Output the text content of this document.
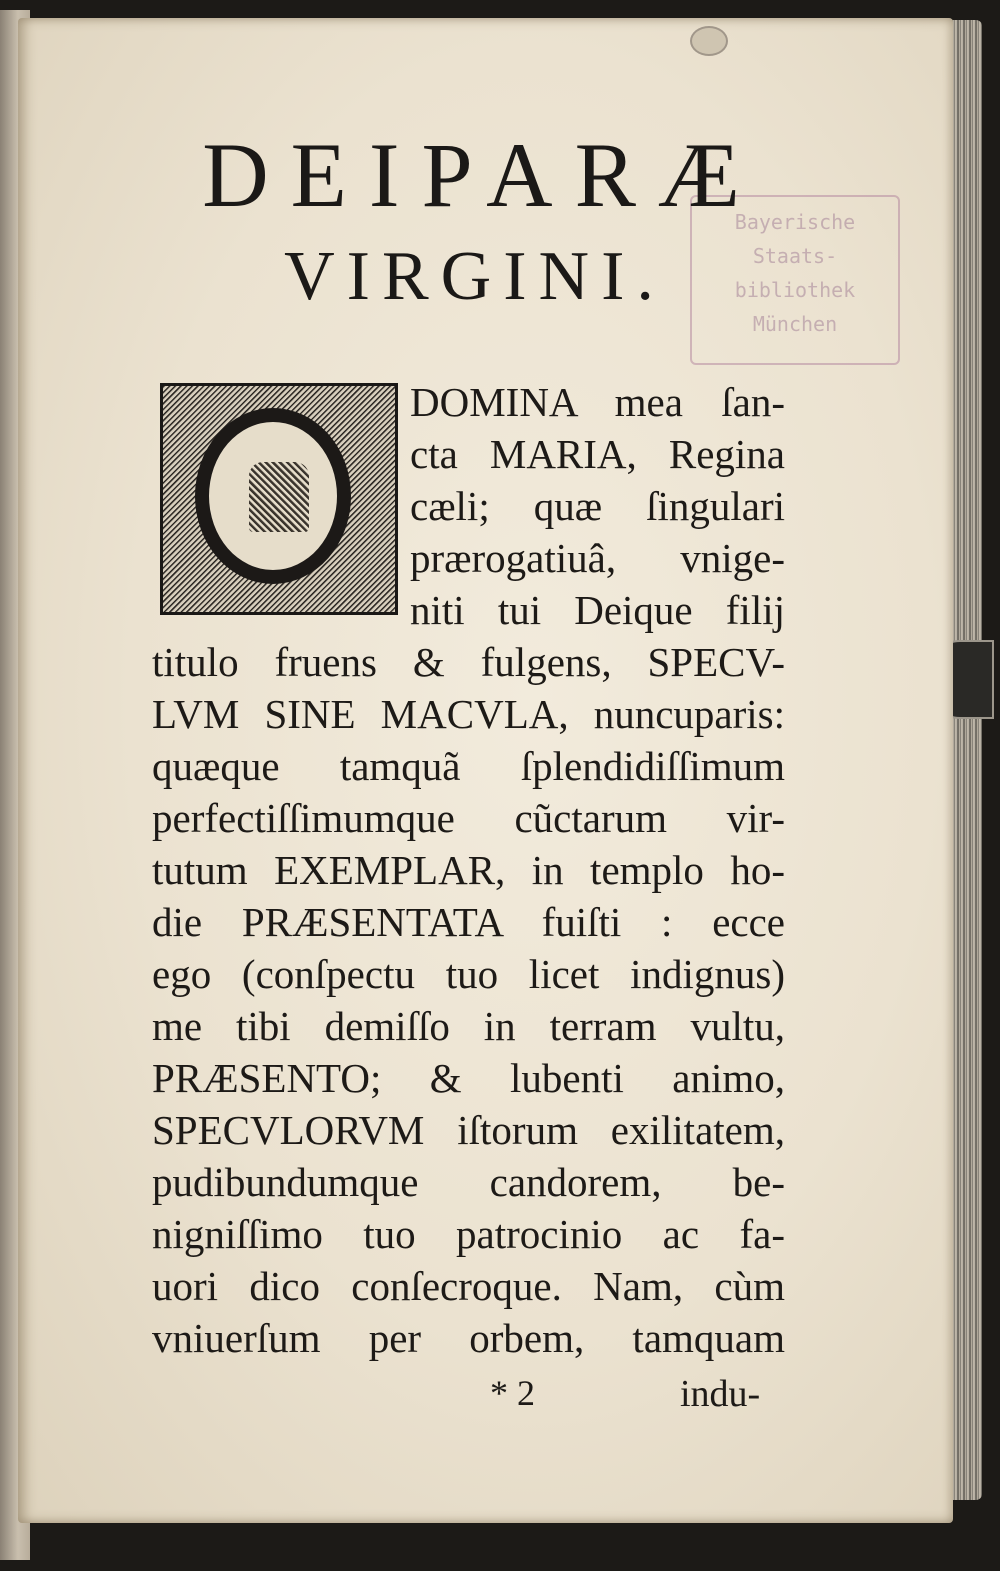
Bayerische
Staats-
bibliothek
München
DEIPARÆ
VIRGINI.
DOMINA mea ſan-
cta MARIA, Regina
cæli; quæ ſingulari
prærogatiuâ, vnige-
niti tui Deique filij
titulo fruens & fulgens, SPECV-
LVM SINE MACVLA, nuncuparis:
quæque tamquã ſplendidiſſimum
perfectiſſimumque cũctarum vir-
tutum EXEMPLAR, in templo ho-
die PRÆSENTATA fuiſti : ecce
ego (conſpectu tuo licet indignus)
me tibi demiſſo in terram vultu,
PRÆSENTO; & lubenti animo,
SPECVLORVM iſtorum exilitatem,
pudibundumque candorem, be-
nigniſſimo tuo patrocinio ac fa-
uori dico conſecroque. Nam, cùm
vniuerſum per orbem, tamquam
* 2	indu-
